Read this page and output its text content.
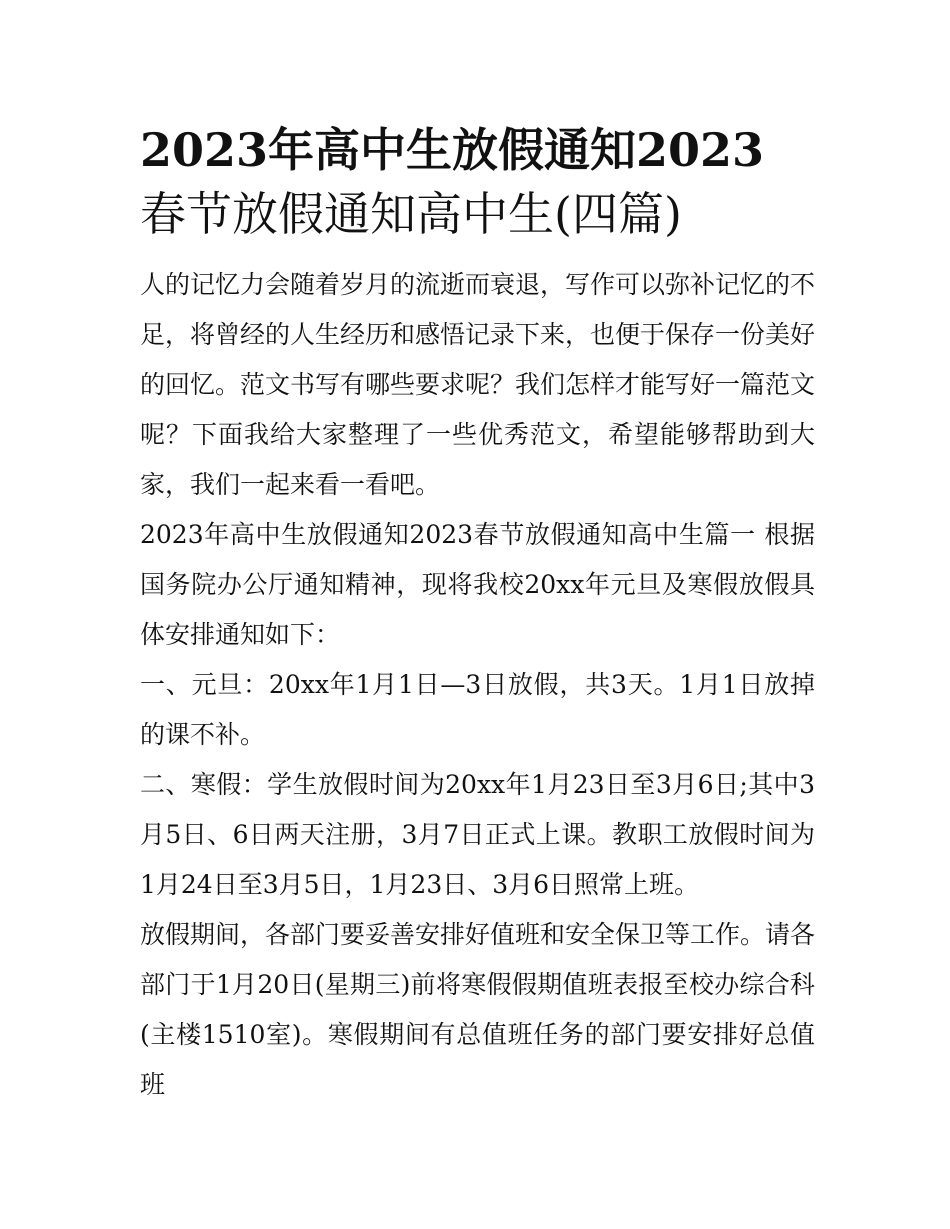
2023年高中生放假通知2023
春节放假通知高中生(四篇)

人的记忆力会随着岁月的流逝而衰退，写作可以弥补记忆的不足，将曾经的人生经历和感悟记录下来，也便于保存一份美好的回忆。范文书写有哪些要求呢？我们怎样才能写好一篇范文呢？下面我给大家整理了一些优秀范文，希望能够帮助到大家，我们一起来看一看吧。

2023年高中生放假通知2023春节放假通知高中生篇一 根据国务院办公厅通知精神，现将我校20xx年元旦及寒假放假具体安排通知如下：

一、元旦：20xx年1月1日—3日放假，共3天。1月1日放掉的课不补。

二、寒假：学生放假时间为20xx年1月23日至3月6日;其中3月5日、6日两天注册，3月7日正式上课。教职工放假时间为1月24日至3月5日，1月23日、3月6日照常上班。

放假期间，各部门要妥善安排好值班和安全保卫等工作。请各部门于1月20日(星期三)前将寒假假期值班表报至校办综合科(主楼1510室)。寒假期间有总值班任务的部门要安排好总值班
